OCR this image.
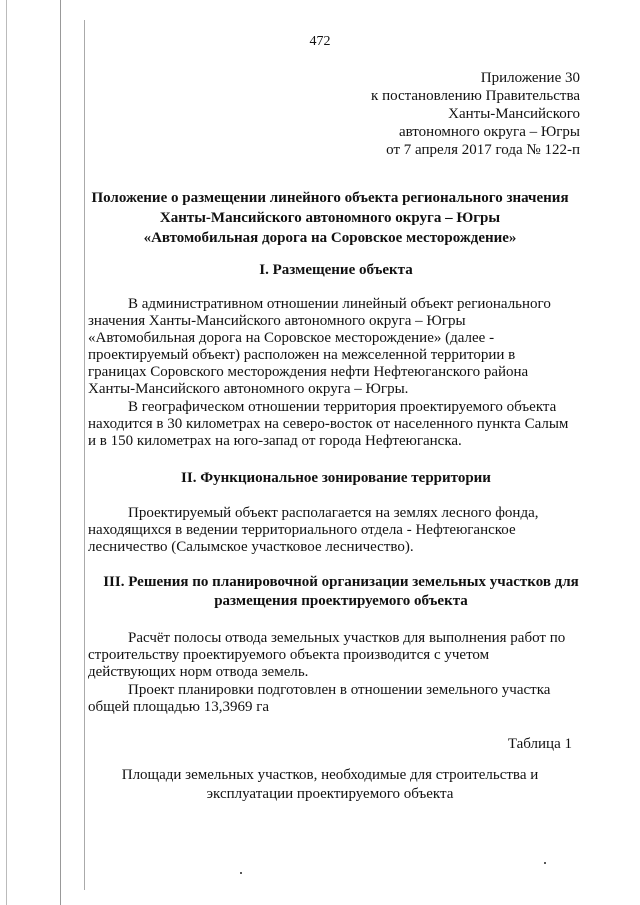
472
Приложение 30
к постановлению Правительства
Ханты-Мансийского
автономного округа – Югры
от 7 апреля 2017 года № 122-п
Положение о размещении линейного объекта регионального значения
Ханты-Мансийского автономного округа – Югры
«Автомобильная дорога на Соровское месторождение»
I. Размещение объекта
В административном отношении линейный объект регионального
значения Ханты-Мансийского автономного округа – Югры
«Автомобильная дорога на Соровское месторождение» (далее -
проектируемый объект) расположен на межселенной территории в
границах Соровского месторождения нефти Нефтеюганского района
Ханты-Мансийского автономного округа – Югры.
В географическом отношении территория проектируемого объекта
находится в 30 километрах на северо-восток от населенного пункта Салым
и в 150 километрах на юго-запад от города Нефтеюганска.
II. Функциональное зонирование территории
Проектируемый объект располагается на землях лесного фонда,
находящихся в ведении территориального отдела - Нефтеюганское
лесничество (Салымское участковое лесничество).
III. Решения по планировочной организации земельных участков для
размещения проектируемого объекта
Расчёт полосы отвода земельных участков для выполнения работ по
строительству проектируемого объекта производится с учетом
действующих норм отвода земель.
Проект планировки подготовлен в отношении земельного участка
общей площадью 13,3969 га
Таблица 1
Площади земельных участков, необходимые для строительства и
эксплуатации проектируемого объекта
